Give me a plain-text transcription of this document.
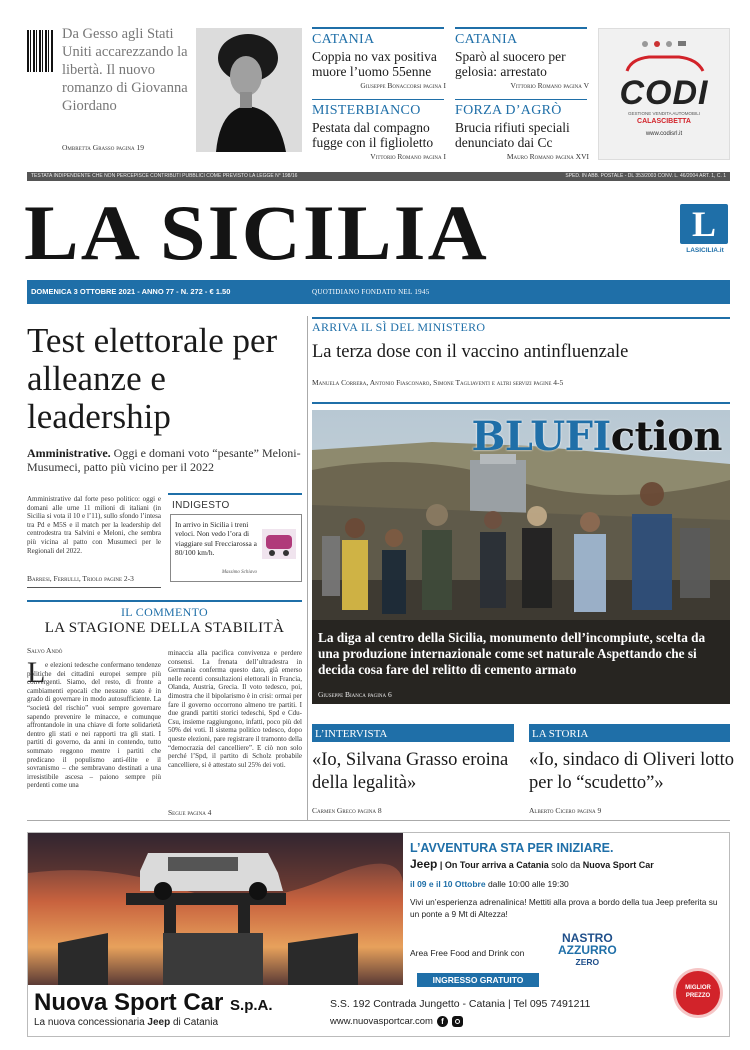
Da Gesso agli Stati Uniti accarezzando la libertà. Il nuovo romanzo di Giovanna Giordano
Ombretta Grasso pagina 19
CATANIA
Coppia no vax positiva muore l’uomo 55enne
Giuseppe Bonaccorsi pagina I
CATANIA
Sparò al suocero per gelosia: arrestato
Vittorio Romano pagina V
MISTERBIANCO
Pestata dal compagno fugge con il figlioletto
Vittorio Romano pagina I
FORZA D’AGRÒ
Brucia rifiuti speciali denunciato dai Cc
Mauro Romano pagina XVI
CODI
GESTIONE VENDITA AUTOMOBILI
CALASCIBETTA
www.codisrl.it
TESTATA INDIPENDENTE CHE NON PERCEPISCE CONTRIBUTI PUBBLICI COME PREVISTO LA LEGGE N° 198/16	SPED. IN ABB. POSTALE - DL 353/2003 CONV. L. 46/2004 ART. 1, C. 1
LA SICILIA	L
LASICILIA.it
DOMENICA 3 OTTOBRE 2021 - ANNO 77 - N. 272 - € 1.50	QUOTIDIANO FONDATO NEL 1945
Test elettorale per alleanze e leadership
Amministrative. Oggi e domani voto “pesante” Meloni-Musumeci, patto più vicino per il 2022
Amministrative dal forte peso politico: oggi e domani alle urne 11 milioni di italiani (in Sicilia si vota il 10 e l’11), sullo sfondo l’intesa tra Pd e M5S e il match per la leadership del centrodestra tra Salvini e Meloni, che sembra più vicina al patto con Musumeci per le Regionali del 2022.
Barresi, Ferrulli, Triolo pagine 2-3
INDIGESTO
In arrivo in Sicilia i treni veloci. Non vedo l’ora di viaggiare sul Frecciarossa a 80/100 km/h.
Massimo Schiavo
IL COMMENTO
LA STAGIONE DELLA STABILITÀ
Salvo Andò
L e elezioni tedesche confermano tendenze politiche dei cittadini europei sempre più convergenti. Siamo, del resto, di fronte a cambiamenti epocali che nessuno stato è in grado di governare in modo autosufficiente. La “società del rischio” vuoi sempre governare sapendo prevenire le minacce, e comunque affrontandole in una chiave di forte solidarietà dentro gli stati e nei rapporti tra gli stati. I partiti di governo, da anni in contendo, tutto sommato reggono mentre i partiti che predicano il populismo anti-élite e il sovranismo – che sembravano destinati a una irresistibile ascesa – paiono sempre più perdenti come una
minaccia alla pacifica convivenza e perdere consensi. La frenata dell’ultradestra in Germania conferma questo dato, già emerso nelle recenti consultazioni elettorali in Francia, Olanda, Austria, Grecia. Il voto tedesco, poi, dimostra che il bipolarismo è in crisi: ormai per fare il governo occorrono almeno tre partiti. I due grandi partiti storici tedeschi, Spd e Cdu-Csu, insieme raggiungono, infatti, poco più del 50% dei voti. Il sistema politico tedesco, dopo queste elezioni, pare registrare il tramonto della “democrazia del cancelliere”. E ciò non solo perché l’Spd, il partito di Scholz probabile cancelliere, si è attestato sul 25% dei voti.
Segue pagina 4
ARRIVA IL SÌ DEL MINISTERO
La terza dose con il vaccino antinfluenzale
Manuela Correra, Antonio Fiasconaro, Simone Tagliaventi e altri servizi pagine 4-5
BLUFIction
La diga al centro della Sicilia, monumento dell’incompiute, scelta da una produzione internazionale come set naturale Aspettando che si decida cosa fare del relitto di cemento armato
Giuseppe Bianca pagina 6
L’INTERVISTA
«Io, Silvana Grasso eroina della legalità»
Carmen Greco pagina 8
LA STORIA
«Io, sindaco di Oliveri lotto per lo “scudetto”»
Alberto Cicero pagina 9
L’AVVENTURA STA PER INIZIARE.
Jeep | On Tour arriva a Catania solo da Nuova Sport Car
il 09 e il 10 Ottobre dalle 10:00 alle 19:30
Vivi un’esperienza adrenalinica! Mettiti alla prova a bordo della tua Jeep preferita su un ponte a 9 Mt di Altezza!
Area Free Food and Drink con
NASTRO
AZZURRO
ZERO
INGRESSO GRATUITO
Nuova Sport Car S.p.A.
La nuova concessionaria Jeep di Catania
S.S. 192 Contrada Jungetto - Catania | Tel 095 7491211
www.nuovasportcar.com	f
MIGLIOR
PREZZO
